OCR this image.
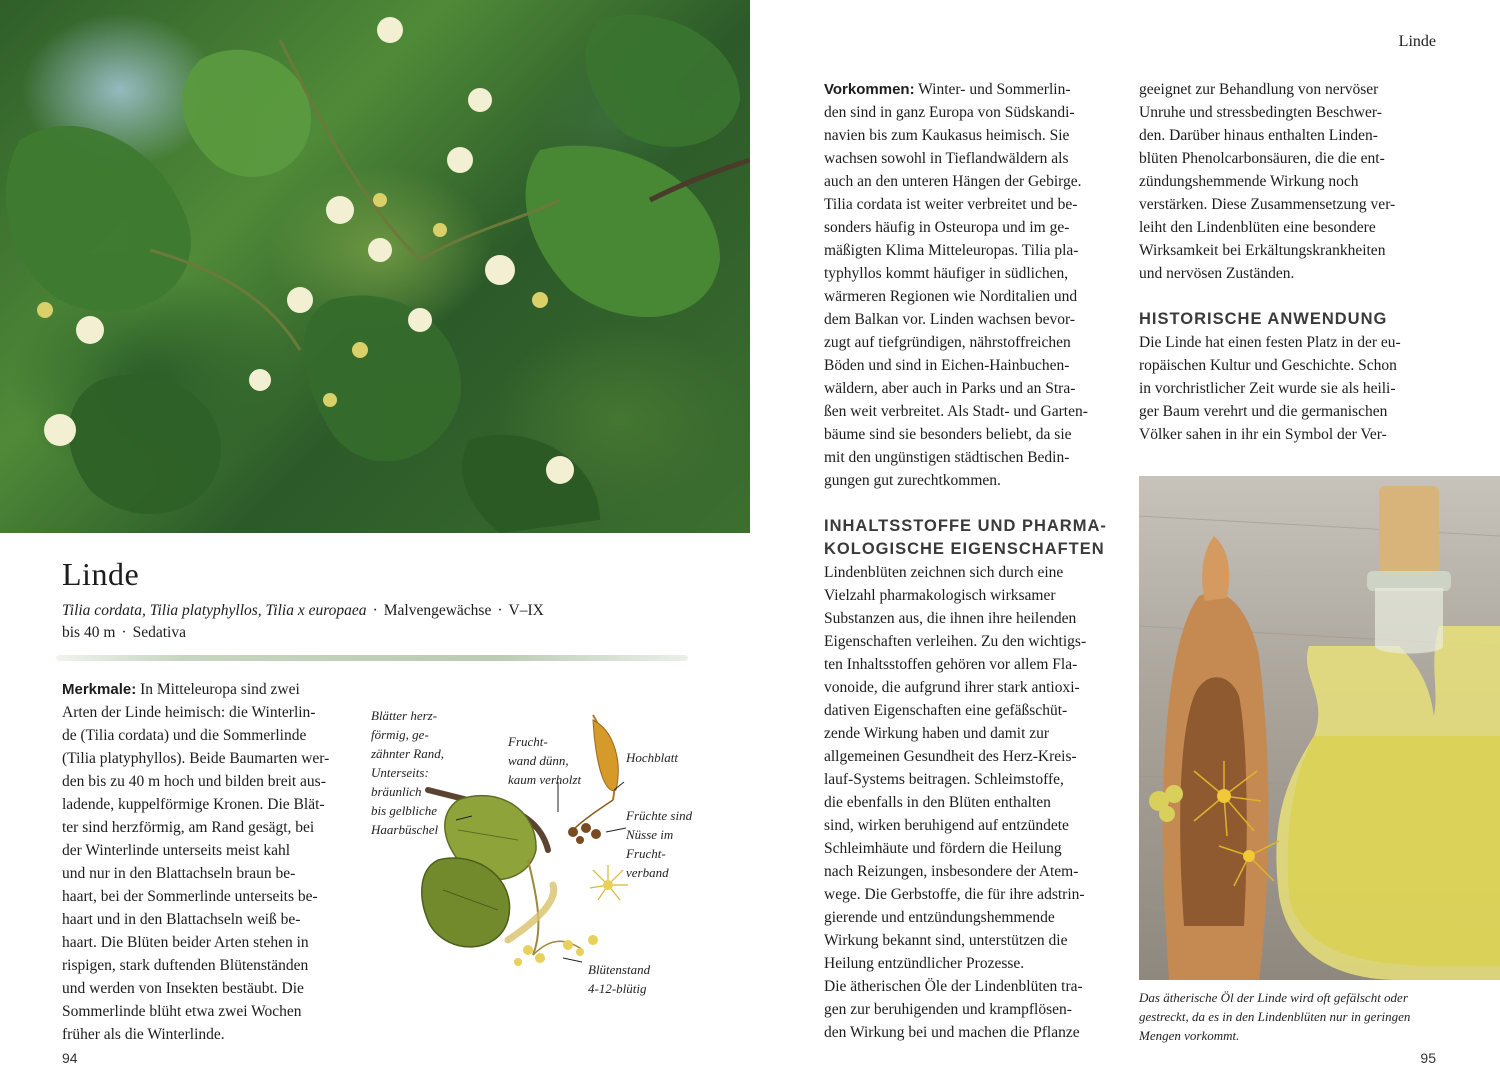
Linde
Tilia cordata, Tilia platyphyllos, Tilia x europaea · Malvengewächse · V–IX
bis 40 m · Sedativa

Merkmale: In Mitteleuropa sind zwei
Arten der Linde heimisch: die Winterlin-
de (Tilia cordata) und die Sommerlinde
(Tilia platyphyllos). Beide Baumarten wer-
den bis zu 40 m hoch und bilden breit aus-
ladende, kuppelförmige Kronen. Die Blät-
ter sind herzförmig, am Rand gesägt, bei
der Winterlinde unterseits meist kahl
und nur in den Blattachseln braun be-
haart, bei der Sommerlinde unterseits be-
haart und in den Blattachseln weiß be-
haart. Die Blüten beider Arten stehen in
rispigen, stark duftenden Blütenständen
und werden von Insekten bestäubt. Die
Sommerlinde blüht etwa zwei Wochen
früher als die Winterlinde.

Blätter herz-
förmig, ge-
zähnter Rand,
Unterseits:
bräunlich
bis gelbliche
Haarbüschel
Frucht-
wand dünn,
kaum verholzt
Hochblatt
Früchte sind
Nüsse im
Frucht-
verband
Blütenstand
4-12-blütig
94
Linde

Vorkommen: Winter- und Sommerlin-
den sind in ganz Europa von Südskandi-
navien bis zum Kaukasus heimisch. Sie
wachsen sowohl in Tieflandwäldern als
auch an den unteren Hängen der Gebirge.
Tilia cordata ist weiter verbreitet und be-
sonders häufig in Osteuropa und im ge-
mäßigten Klima Mitteleuropas. Tilia pla-
typhyllos kommt häufiger in südlichen,
wärmeren Regionen wie Norditalien und
dem Balkan vor. Linden wachsen bevor-
zugt auf tiefgründigen, nährstoffreichen
Böden und sind in Eichen-Hainbuchen-
wäldern, aber auch in Parks und an Stra-
ßen weit verbreitet. Als Stadt- und Garten-
bäume sind sie besonders beliebt, da sie
mit den ungünstigen städtischen Bedin-
gungen gut zurechtkommen.

INHALTSSTOFFE UND PHARMA-
KOLOGISCHE EIGENSCHAFTEN

Lindenblüten zeichnen sich durch eine
Vielzahl pharmakologisch wirksamer
Substanzen aus, die ihnen ihre heilenden
Eigenschaften verleihen. Zu den wichtigs-
ten Inhaltsstoffen gehören vor allem Fla-
vonoide, die aufgrund ihrer stark antioxi-
dativen Eigenschaften eine gefäßschüt-
zende Wirkung haben und damit zur
allgemeinen Gesundheit des Herz-Kreis-
lauf-Systems beitragen. Schleimstoffe,
die ebenfalls in den Blüten enthalten
sind, wirken beruhigend auf entzündete
Schleimhäute und fördern die Heilung
nach Reizungen, insbesondere der Atem-
wege. Die Gerbstoffe, die für ihre adstrin-
gierende und entzündungshemmende
Wirkung bekannt sind, unterstützen die
Heilung entzündlicher Prozesse.
Die ätherischen Öle der Lindenblüten tra-
gen zur beruhigenden und krampflösen-
den Wirkung bei und machen die Pflanze

geeignet zur Behandlung von nervöser
Unruhe und stressbedingten Beschwer-
den. Darüber hinaus enthalten Linden-
blüten Phenolcarbonsäuren, die die ent-
zündungshemmende Wirkung noch
verstärken. Diese Zusammensetzung ver-
leiht den Lindenblüten eine besondere
Wirksamkeit bei Erkältungskrankheiten
und nervösen Zuständen.

HISTORISCHE ANWENDUNG

Die Linde hat einen festen Platz in der eu-
ropäischen Kultur und Geschichte. Schon
in vorchristlicher Zeit wurde sie als heili-
ger Baum verehrt und die germanischen
Völker sahen in ihr ein Symbol der Ver-

Das ätherische Öl der Linde wird oft gefälscht oder gestreckt, da es in den Lindenblüten nur in geringen Mengen vorkommt.
95
